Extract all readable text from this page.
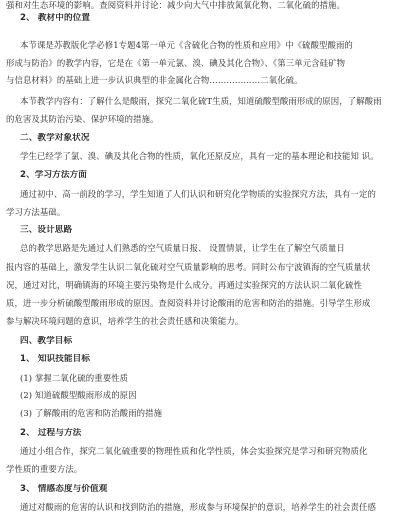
强和对生态环境的影响。查阅资料并讨论：减少向大气中排放氮氧化物、二氧化硫的措施。
2、 教材中的位置
本节课是苏教版化学必修1专题4第一单元《含硫化合物的性质和应用》中《硫酸型酸雨的
形成与防治》的教学内容，它是在《第一单元氯、溴、碘及其化合物》、《第三单元含硅矿物
与信息材料》的基础上进一步认识典型的非金属化合物………………二氧化硫。
本节教学内容有：了解什么是酸雨，探究二氧化硫T生质，知道硫酸型酸雨形成的原因，了解酸雨
的危害及其防治污染、保护环境的措施。
二、教学对象状况
学生已经学了氯、溴、碘及其化合物的性质，氧化还原反应，具有一定的基本理论和技能知 识。
2、学习方法方面
通过初中、高一前段的学习，学生知道了人们认识和研究化学物质的实验探究方法，具有一定的
学习方法基础。
三、设计思路
总的教学思路是先通过人们熟悉的空气质量日报、 设置情景，让学生在了解空气质量日
报内容的基础上，激发学生认识二氧化硫对空气质量影响的思考。同时公布宁波镇海的空气质量状
况，通过对比，明确镇海的环境主要污染物是什么成分。再通过实验探究的方法认识二氧化硫性
质，进一步分析硫酸型酸雨形成的原因。查阅资料并讨论酸雨的危害和防治的措施。引导学生形成
参与解决环境问题的意识，培养学生的社会责任感和决策能力。
四、教学目标
1、 知识技能目标
(1) 掌握二氧化硫的重要性质
(2) 知道硫酸型酸雨形成的原因
(3) 了解酸雨的危害和防治酸雨的措施
2、 过程与方法
通过小组合作，探究二氧化硫重要的物理性质和化学性质，体会实验探究是学习和研究物质化
学性质的重要方法。
3、 情感态度与价值观
通过对酸雨的危害的认识和找到防治的措施，形成参与环境保护的意识，培养学生的社会责任感
